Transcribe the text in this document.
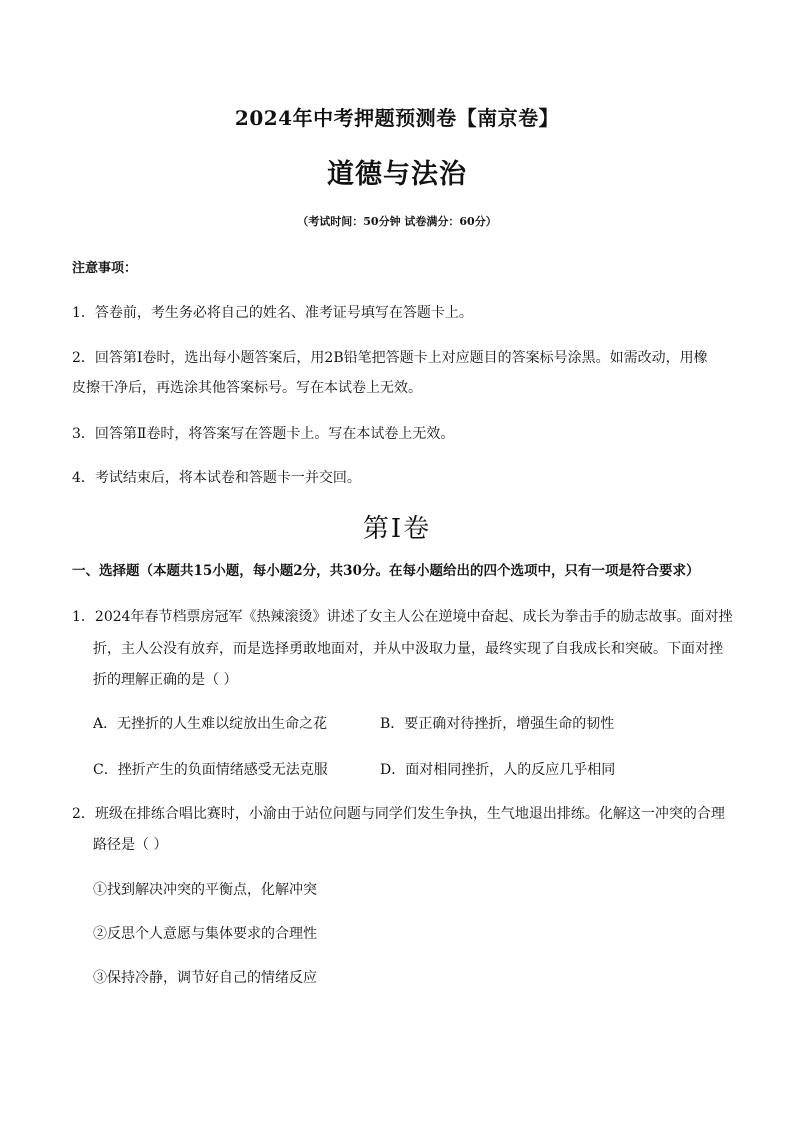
2024年中考押题预测卷【南京卷】
道德与法治
（考试时间：50分钟 试卷满分：60分）
注意事项：
1．答卷前，考生务必将自己的姓名、准考证号填写在答题卡上。
2．回答第Ⅰ卷时，选出每小题答案后，用2B铅笔把答题卡上对应题目的答案标号涂黑。如需改动，用橡
皮擦干净后，再选涂其他答案标号。写在本试卷上无效。
3．回答第Ⅱ卷时，将答案写在答题卡上。写在本试卷上无效。
4．考试结束后，将本试卷和答题卡一并交回。
第Ⅰ卷
一、选择题（本题共15小题，每小题2分，共30分。在每小题给出的四个选项中，只有一项是符合要求）
1．2024年春节档票房冠军《热辣滚烫》讲述了女主人公在逆境中奋起、成长为拳击手的励志故事。面对挫
折，主人公没有放弃，而是选择勇敢地面对，并从中汲取力量，最终实现了自我成长和突破。下面对挫
折的理解正确的是（ ）
A．无挫折的人生难以绽放出生命之花	B．要正确对待挫折，增强生命的韧性
C．挫折产生的负面情绪感受无法克服	D．面对相同挫折，人的反应几乎相同
2．班级在排练合唱比赛时，小渝由于站位问题与同学们发生争执，生气地退出排练。化解这一冲突的合理
路径是（ ）
①找到解决冲突的平衡点，化解冲突
②反思个人意愿与集体要求的合理性
③保持冷静，调节好自己的情绪反应
